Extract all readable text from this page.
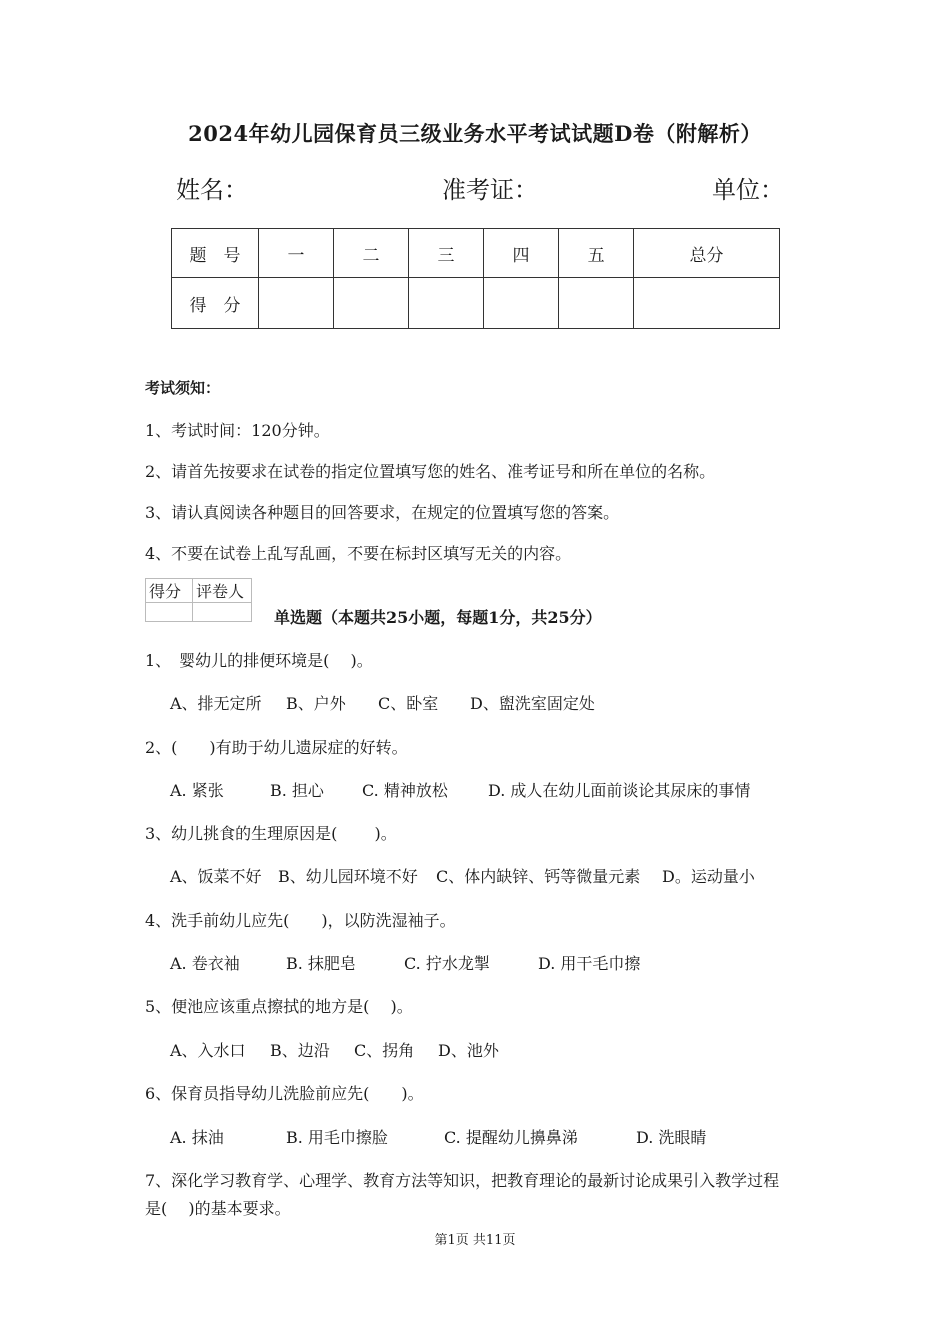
2024年幼儿园保育员三级业务水平考试试题D卷（附解析）
姓名：	准考证：	单位：
题　号	一	二	三	四	五	总分
得　分						
考试须知：
1、考试时间：120分钟。
2、请首先按要求在试卷的指定位置填写您的姓名、准考证号和所在单位的名称。
3、请认真阅读各种题目的回答要求，在规定的位置填写您的答案。
4、不要在试卷上乱写乱画，不要在标封区填写无关的内容。
得分	评卷人

单选题（本题共25小题，每题1分，共25分）
1、　婴幼儿的排便环境是(　 )。
A、排无定所 B、户外 C、卧室 D、盥洗室固定处
2、(　　)有助于幼儿遗尿症的好转。
A. 紧张	B. 担心 C. 精神放松	D. 成人在幼儿面前谈论其尿床的事情
3、幼儿挑食的生理原因是(　　 )。
A、饭菜不好 B、幼儿园环境不好 C、体内缺锌、钙等微量元素 D。运动量小
4、洗手前幼儿应先(　　)，以防洗湿袖子。
A. 卷衣袖	B. 抹肥皂	C. 拧水龙掣	D. 用干毛巾擦
5、便池应该重点擦拭的地方是(　 )。
A、入水口 B、边沿 C、拐角 D、池外
6、保育员指导幼儿洗脸前应先(　　)。
A. 抹油	B. 用毛巾擦脸	C. 提醒幼儿擤鼻涕	D. 洗眼睛
7、深化学习教育学、心理学、教育方法等知识，把教育理论的最新讨论成果引入教学过程
是(　 )的基本要求。
第1页 共11页
